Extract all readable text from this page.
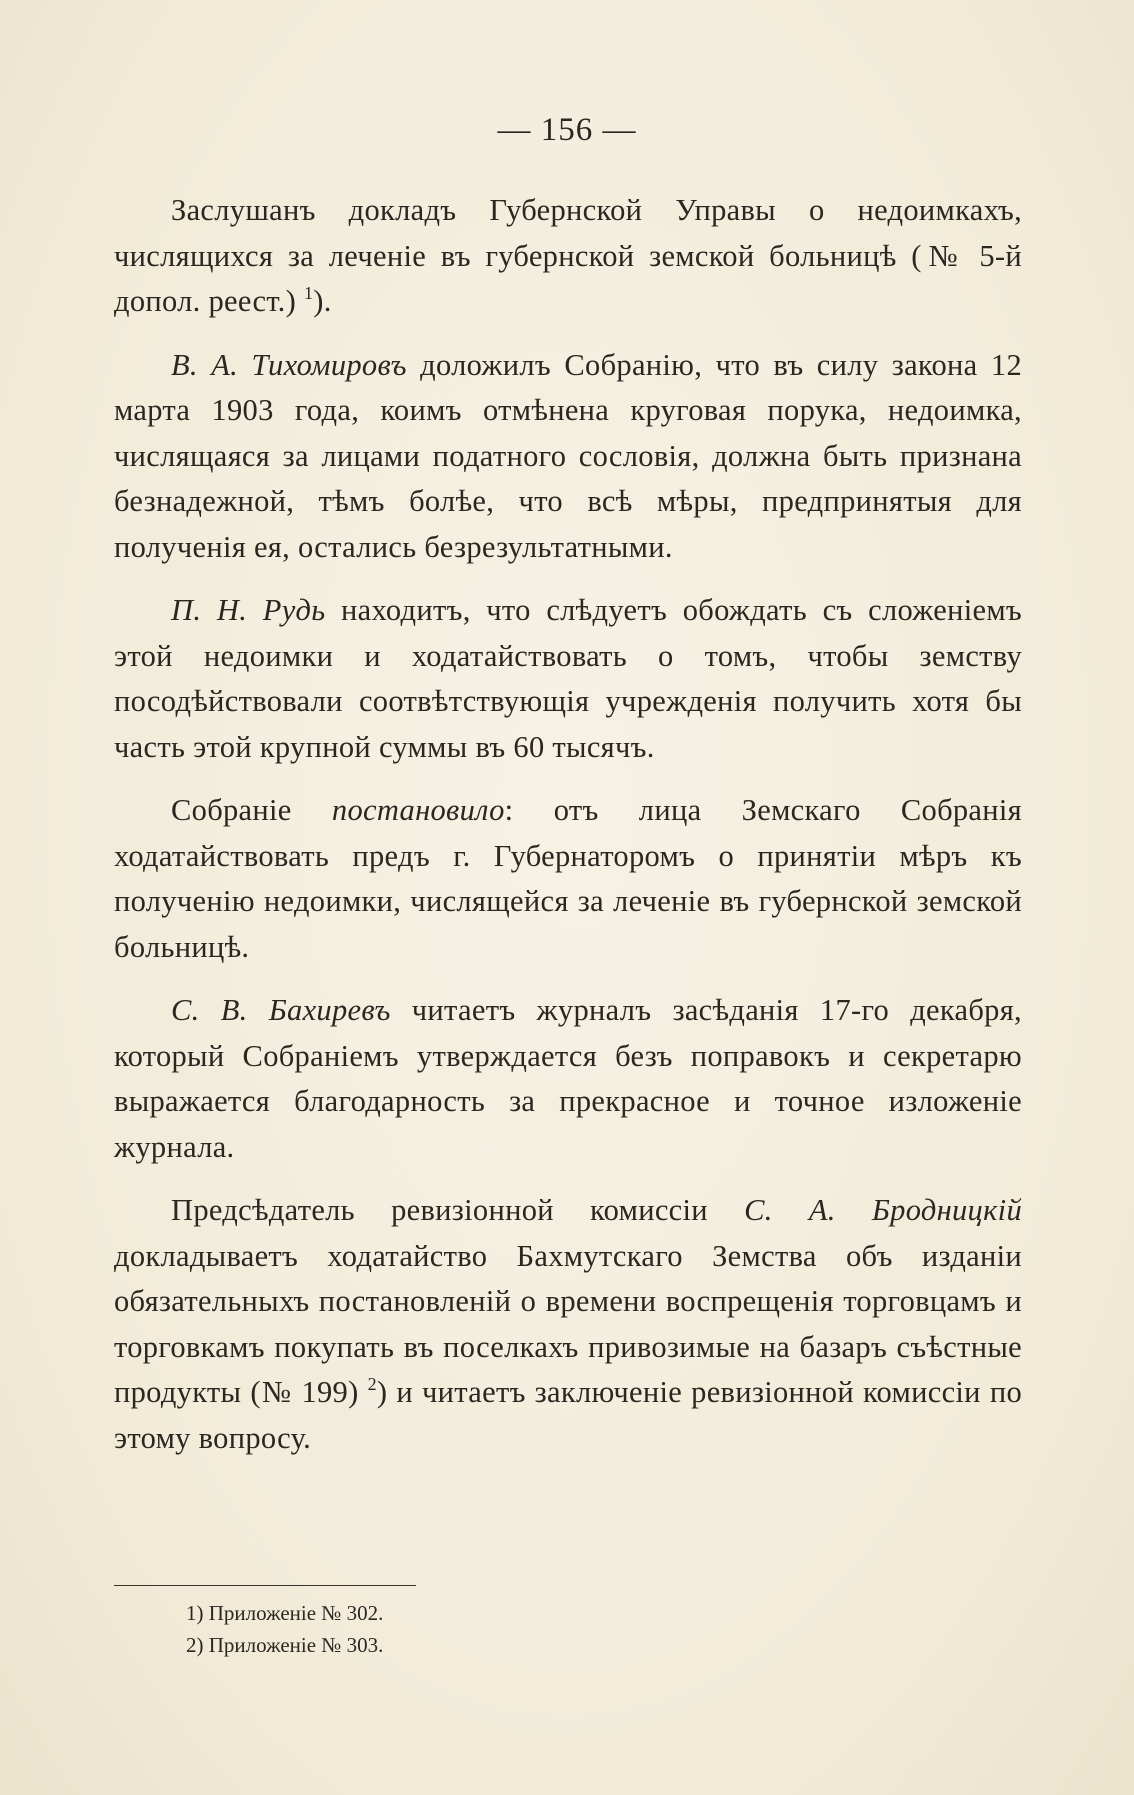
— 156 —

Заслушанъ докладъ Губернской Управы о недоимкахъ, числящихся за леченіе въ губернской земской больницѣ (№ 5-й допол. реест.) $^1$).

В. А. Тихомировъ доложилъ Собранію, что въ силу закона 12 марта 1903 года, коимъ отмѣнена круговая порука, недоимка, числящаяся за лицами податного сословія, должна быть признана безнадежной, тѣмъ болѣе, что всѣ мѣры, предпринятыя для полученія ея, остались безрезультатными.

П. Н. Рудь находитъ, что слѣдуетъ обождать съ сложеніемъ этой недоимки и ходатайствовать о томъ, чтобы земству посодѣйствовали соотвѣтствующія учрежденія получить хотя бы часть этой крупной суммы въ 60 тысячъ.

Собраніе постановило: отъ лица Земскаго Собранія ходатайствовать предъ г. Губернаторомъ о принятіи мѣръ къ полученію недоимки, числящейся за леченіе въ губернской земской больницѣ.

С. В. Бахиревъ читаетъ журналъ засѣданія 17-го декабря, который Собраніемъ утверждается безъ поправокъ и секретарю выражается благодарность за прекрасное и точное изложеніе журнала.

Предсѣдатель ревизіонной комиссіи С. А. Бродницкій докладываетъ ходатайство Бахмутскаго Земства объ изданіи обязательныхъ постановленій о времени воспрещенія торговцамъ и торговкамъ покупать въ поселкахъ привозимые на базаръ съѣстные продукты (№ 199) $^2$) и читаетъ заключеніе ревизіонной комиссіи по этому вопросу.

1) Приложеніе № 302.
2) Приложеніе № 303.
